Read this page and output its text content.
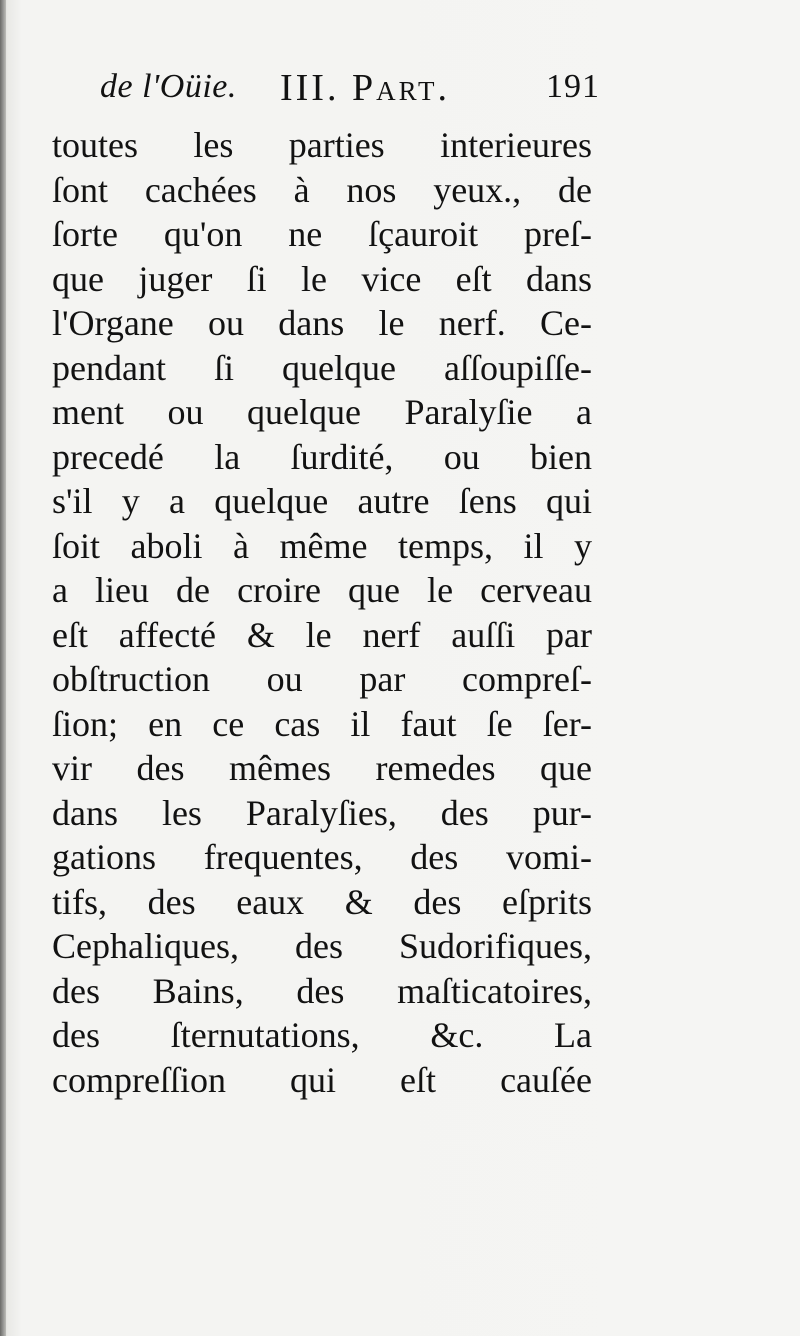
de l'Oüie. III. Part.	191
toutes les parties interieures
ſont cachées à nos yeux., de
ſorte qu'on ne ſçauroit preſ-
que juger ſi le vice eſt dans
l'Organe ou dans le nerf. Ce-
pendant ſi quelque aſſoupiſſe-
ment ou quelque Paralyſie a
precedé la ſurdité, ou bien
s'il y a quelque autre ſens qui
ſoit aboli à même temps, il y
a lieu de croire que le cerveau
eſt affecté & le nerf auſſi par
obſtruction ou par compreſ-
ſion; en ce cas il faut ſe ſer-
vir des mêmes remedes que
dans les Paralyſies, des pur-
gations frequentes, des vomi-
tifs, des eaux & des eſprits
Cephaliques, des Sudorifiques,
des Bains, des maſticatoires,
des ſternutations, &c. La
compreſſion qui eſt cauſée
